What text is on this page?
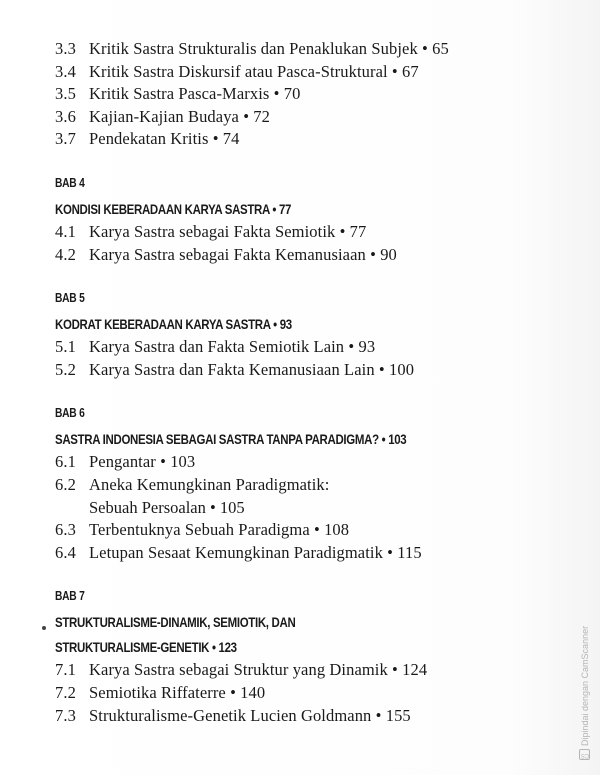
3.3 Kritik Sastra Strukturalis dan Penaklukan Subjek • 65
3.4 Kritik Sastra Diskursif atau Pasca-Struktural • 67
3.5 Kritik Sastra Pasca-Marxis • 70
3.6 Kajian-Kajian Budaya • 72
3.7 Pendekatan Kritis • 74
BAB 4
KONDISI KEBERADAAN KARYA SASTRA • 77
4.1 Karya Sastra sebagai Fakta Semiotik • 77
4.2 Karya Sastra sebagai Fakta Kemanusiaan • 90
BAB 5
KODRAT KEBERADAAN KARYA SASTRA • 93
5.1 Karya Sastra dan Fakta Semiotik Lain • 93
5.2 Karya Sastra dan Fakta Kemanusiaan Lain • 100
BAB 6
SASTRA INDONESIA SEBAGAI SASTRA TANPA PARADIGMA? • 103
6.1 Pengantar • 103
6.2 Aneka Kemungkinan Paradigmatik:
Sebuah Persoalan • 105
6.3 Terbentuknya Sebuah Paradigma • 108
6.4 Letupan Sesaat Kemungkinan Paradigmatik • 115
BAB 7
STRUKTURALISME-DINAMIK, SEMIOTIK, DAN
STRUKTURALISME-GENETIK • 123
7.1 Karya Sastra sebagai Struktur yang Dinamik • 124
7.2 Semiotika Riffaterre • 140
7.3 Strukturalisme-Genetik Lucien Goldmann • 155
CS
Dipindai dengan CamScanner
